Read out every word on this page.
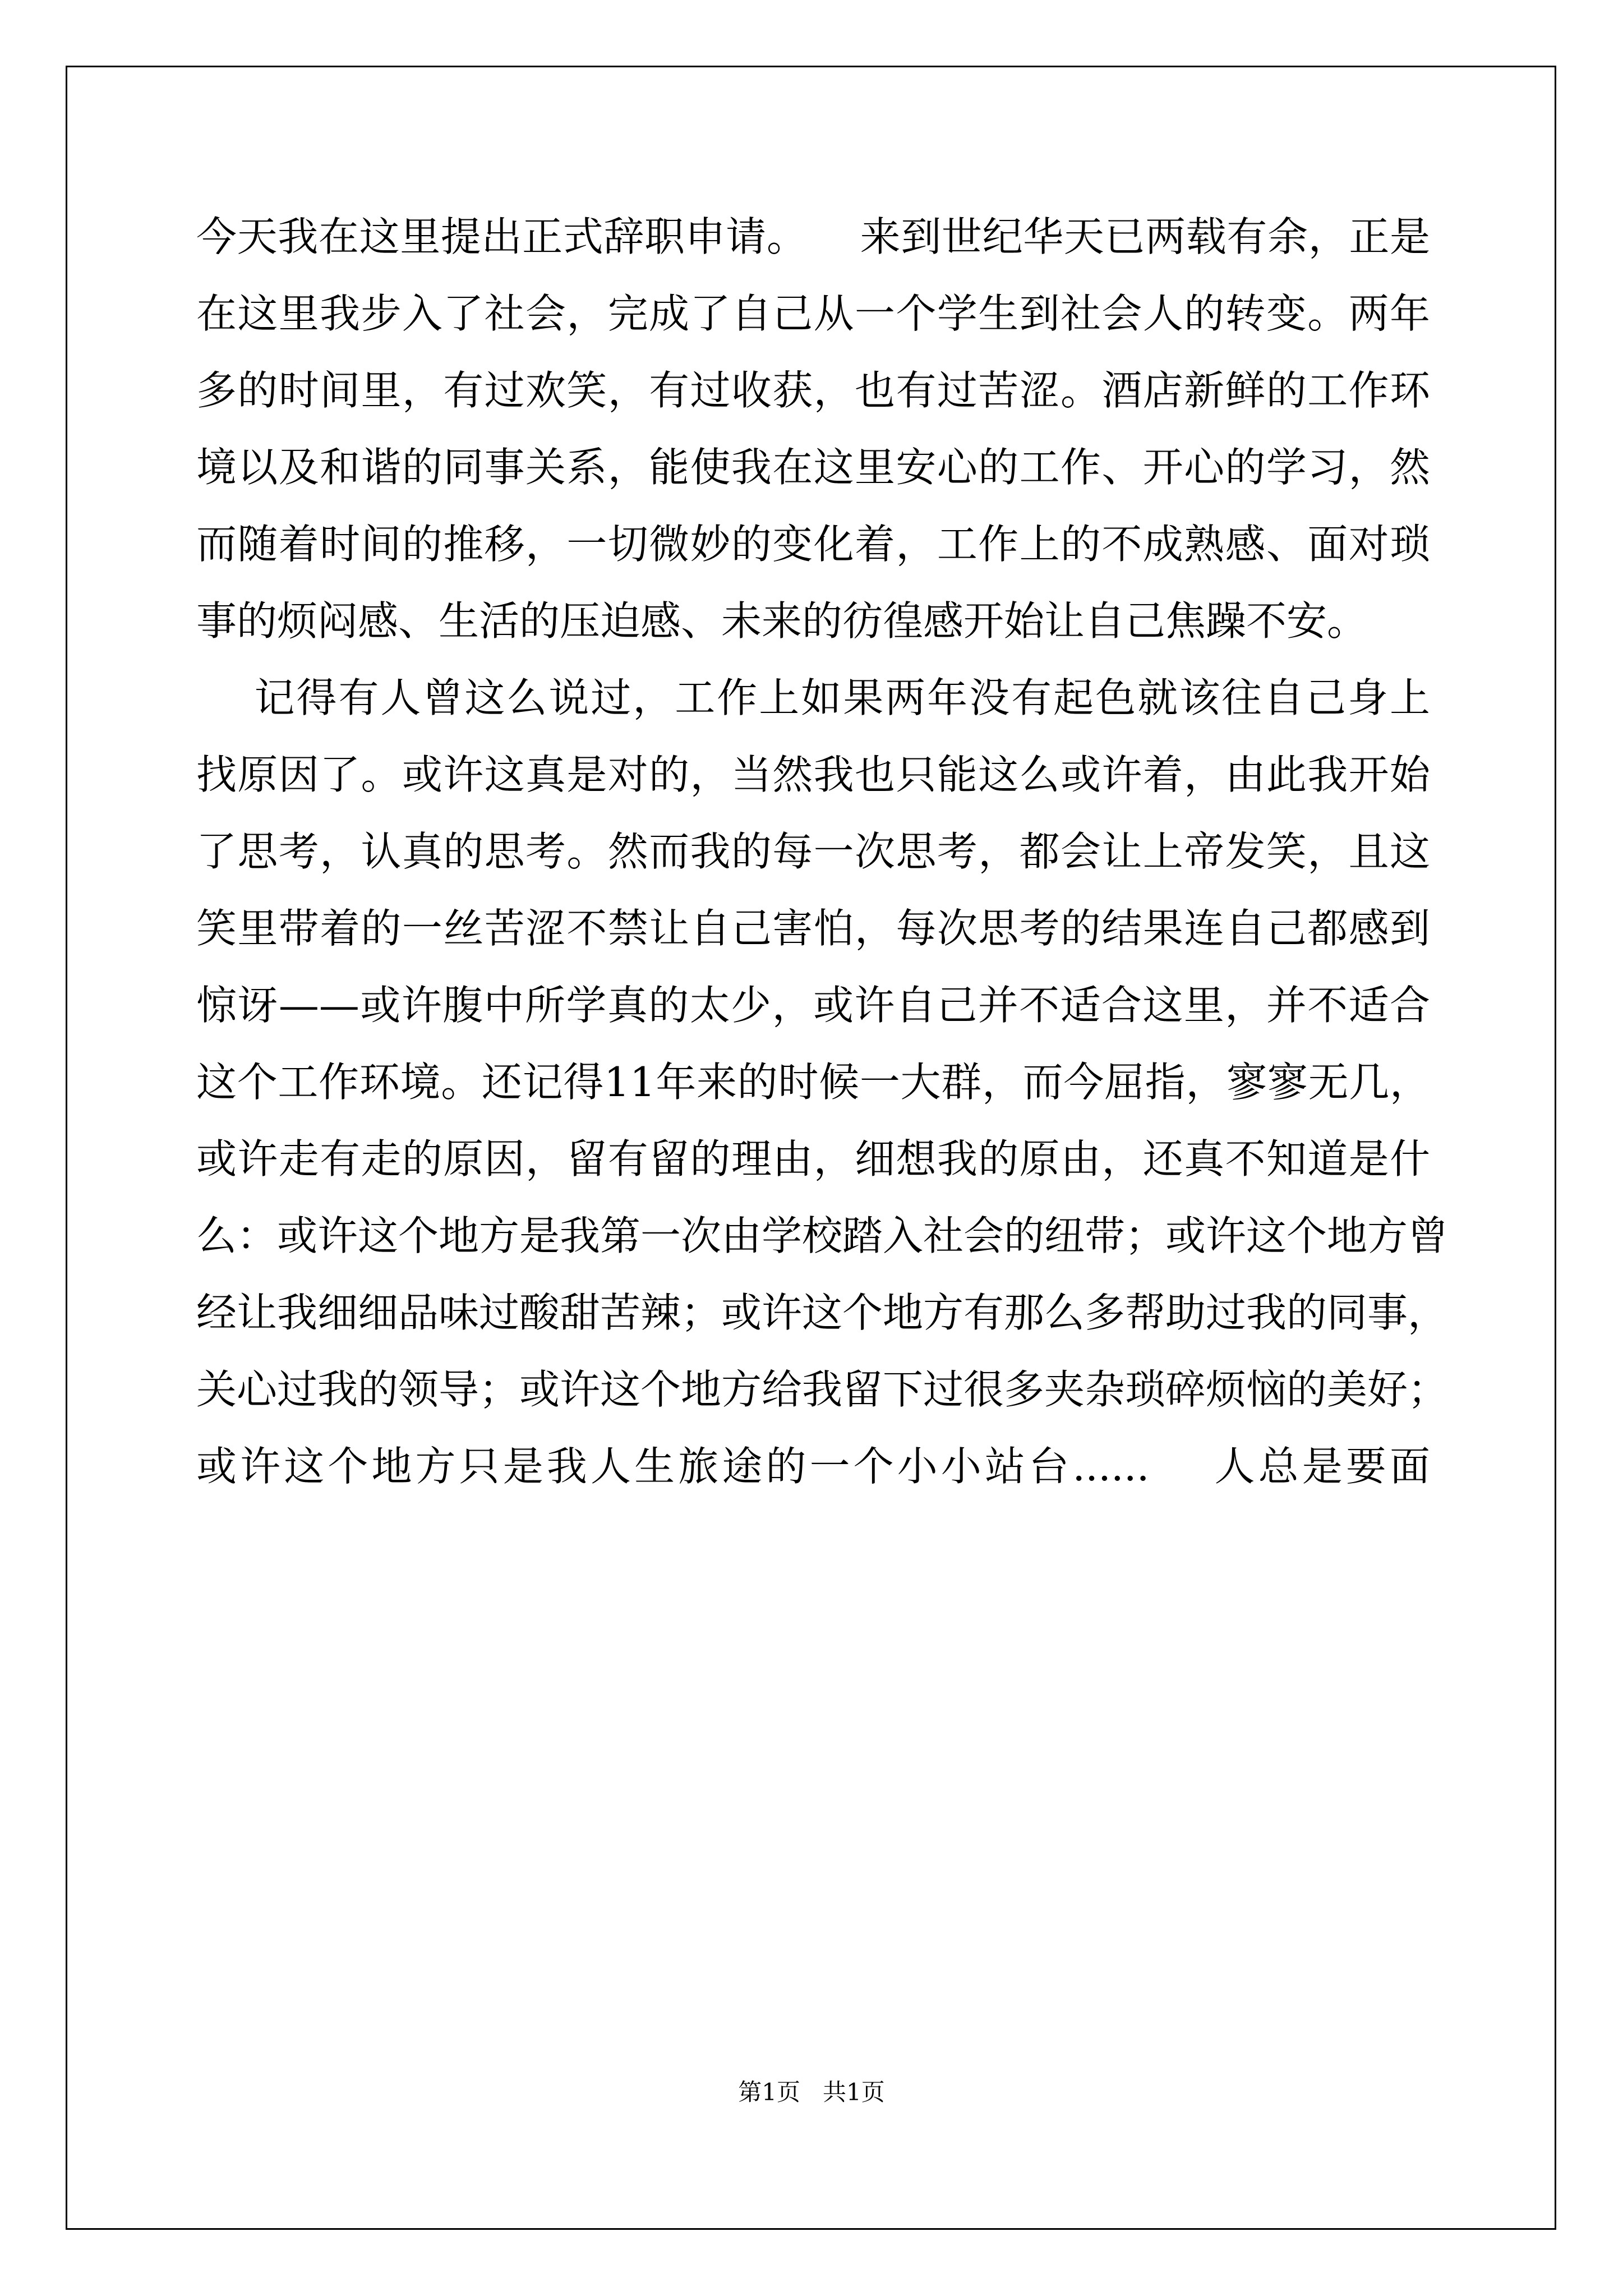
今天我在这里提出正式辞职申请。    来到世纪华天已两载有余，正是
在这里我步入了社会，完成了自己从一个学生到社会人的转变。两年
多的时间里，有过欢笑，有过收获，也有过苦涩。酒店新鲜的工作环
境以及和谐的同事关系，能使我在这里安心的工作、开心的学习，然
而随着时间的推移，一切微妙的变化着，工作上的不成熟感、面对琐
事的烦闷感、生活的压迫感、未来的彷徨感开始让自己焦躁不安。
记得有人曾这么说过，工作上如果两年没有起色就该往自己身上
找原因了。或许这真是对的，当然我也只能这么或许着，由此我开始
了思考，认真的思考。然而我的每一次思考，都会让上帝发笑，且这
笑里带着的一丝苦涩不禁让自己害怕，每次思考的结果连自己都感到
惊讶——或许腹中所学真的太少，或许自己并不适合这里，并不适合
这个工作环境。还记得11年来的时候一大群，而今屈指，寥寥无几，
或许走有走的原因，留有留的理由，细想我的原由，还真不知道是什
么：或许这个地方是我第一次由学校踏入社会的纽带；或许这个地方曾
经让我细细品味过酸甜苦辣；或许这个地方有那么多帮助过我的同事，
关心过我的领导；或许这个地方给我留下过很多夹杂琐碎烦恼的美好；
或许这个地方只是我人生旅途的一个小小站台......    人总是要面
第1页   共1页
